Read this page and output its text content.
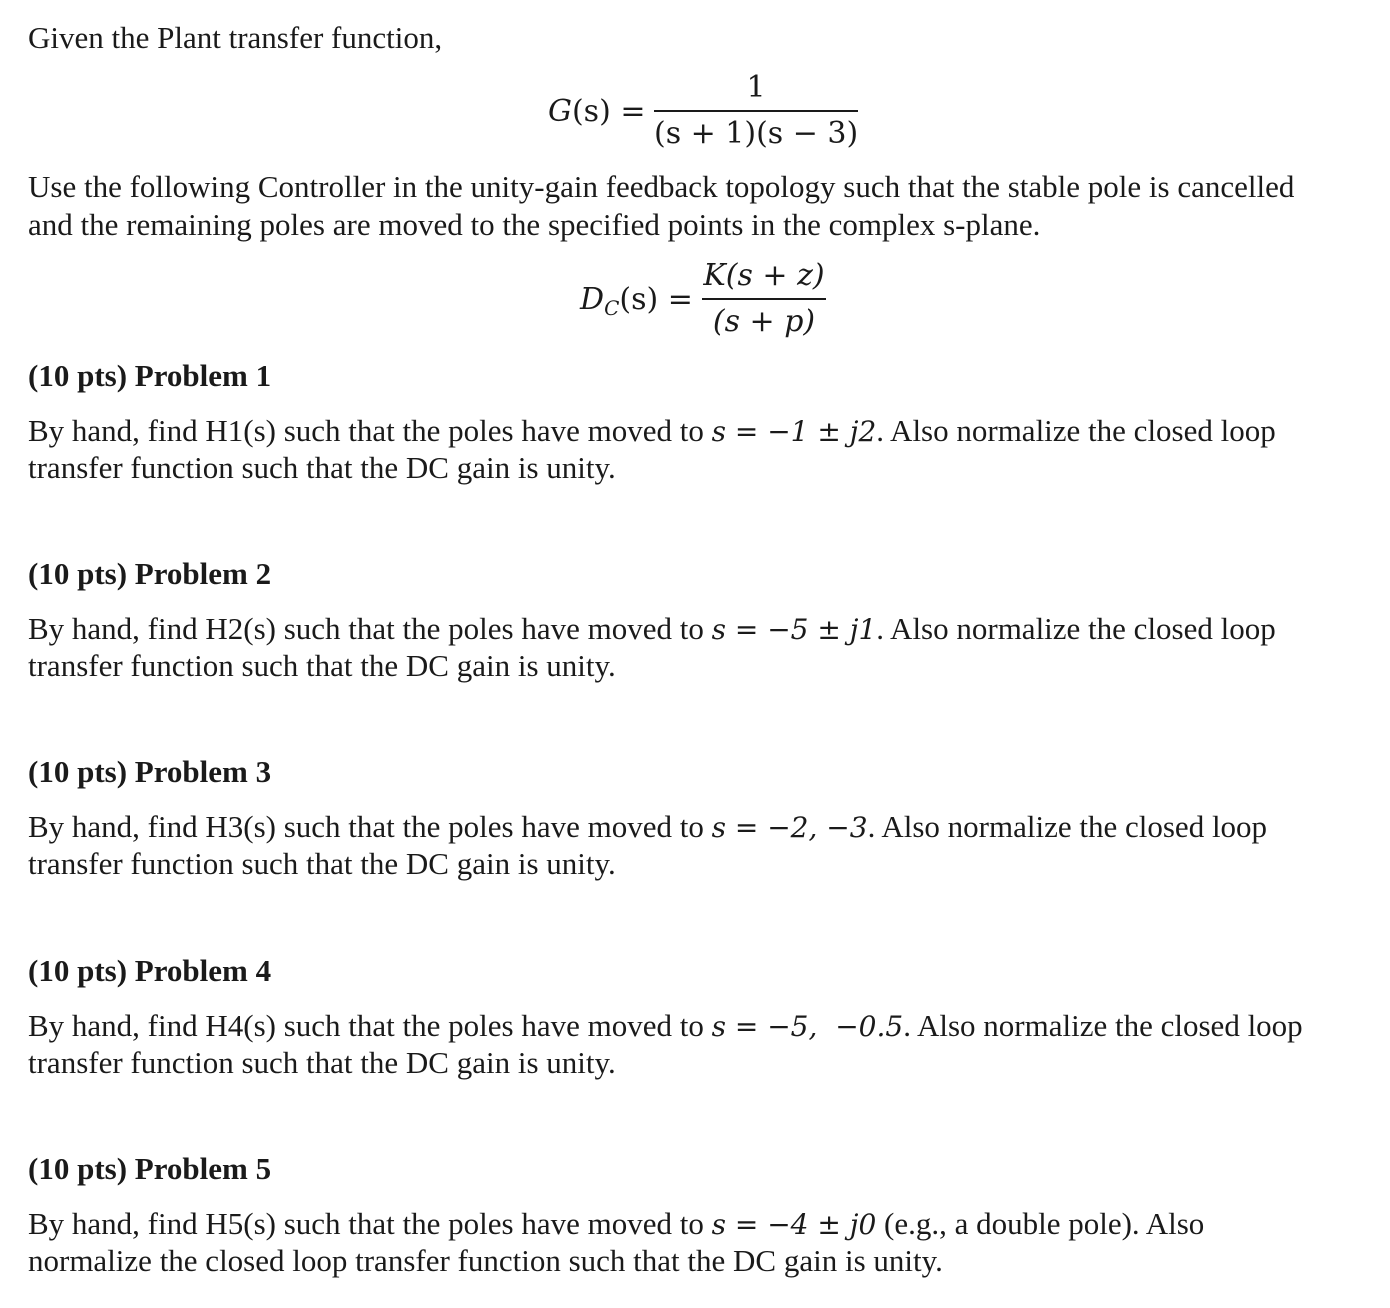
Given the Plant transfer function,
G(s) =
1
(s + 1)(s − 3)
Use the following Controller in the unity-gain feedback topology such that the stable pole is cancelled
and the remaining poles are moved to the specified points in the complex s-plane.
$D_C(s)$ =
K(s + z)
(s + p)
(10 pts) Problem 1
By hand, find H1(s) such that the poles have moved to s = −1 ± j2. Also normalize the closed loop
transfer function such that the DC gain is unity.
(10 pts) Problem 2
By hand, find H2(s) such that the poles have moved to s = −5 ± j1. Also normalize the closed loop
transfer function such that the DC gain is unity.
(10 pts) Problem 3
By hand, find H3(s) such that the poles have moved to s = −2, −3. Also normalize the closed loop
transfer function such that the DC gain is unity.
(10 pts) Problem 4
By hand, find H4(s) such that the poles have moved to s = −5,  −0.5. Also normalize the closed loop
transfer function such that the DC gain is unity.
(10 pts) Problem 5
By hand, find H5(s) such that the poles have moved to s = −4 ± j0 (e.g., a double pole). Also
normalize the closed loop transfer function such that the DC gain is unity.
